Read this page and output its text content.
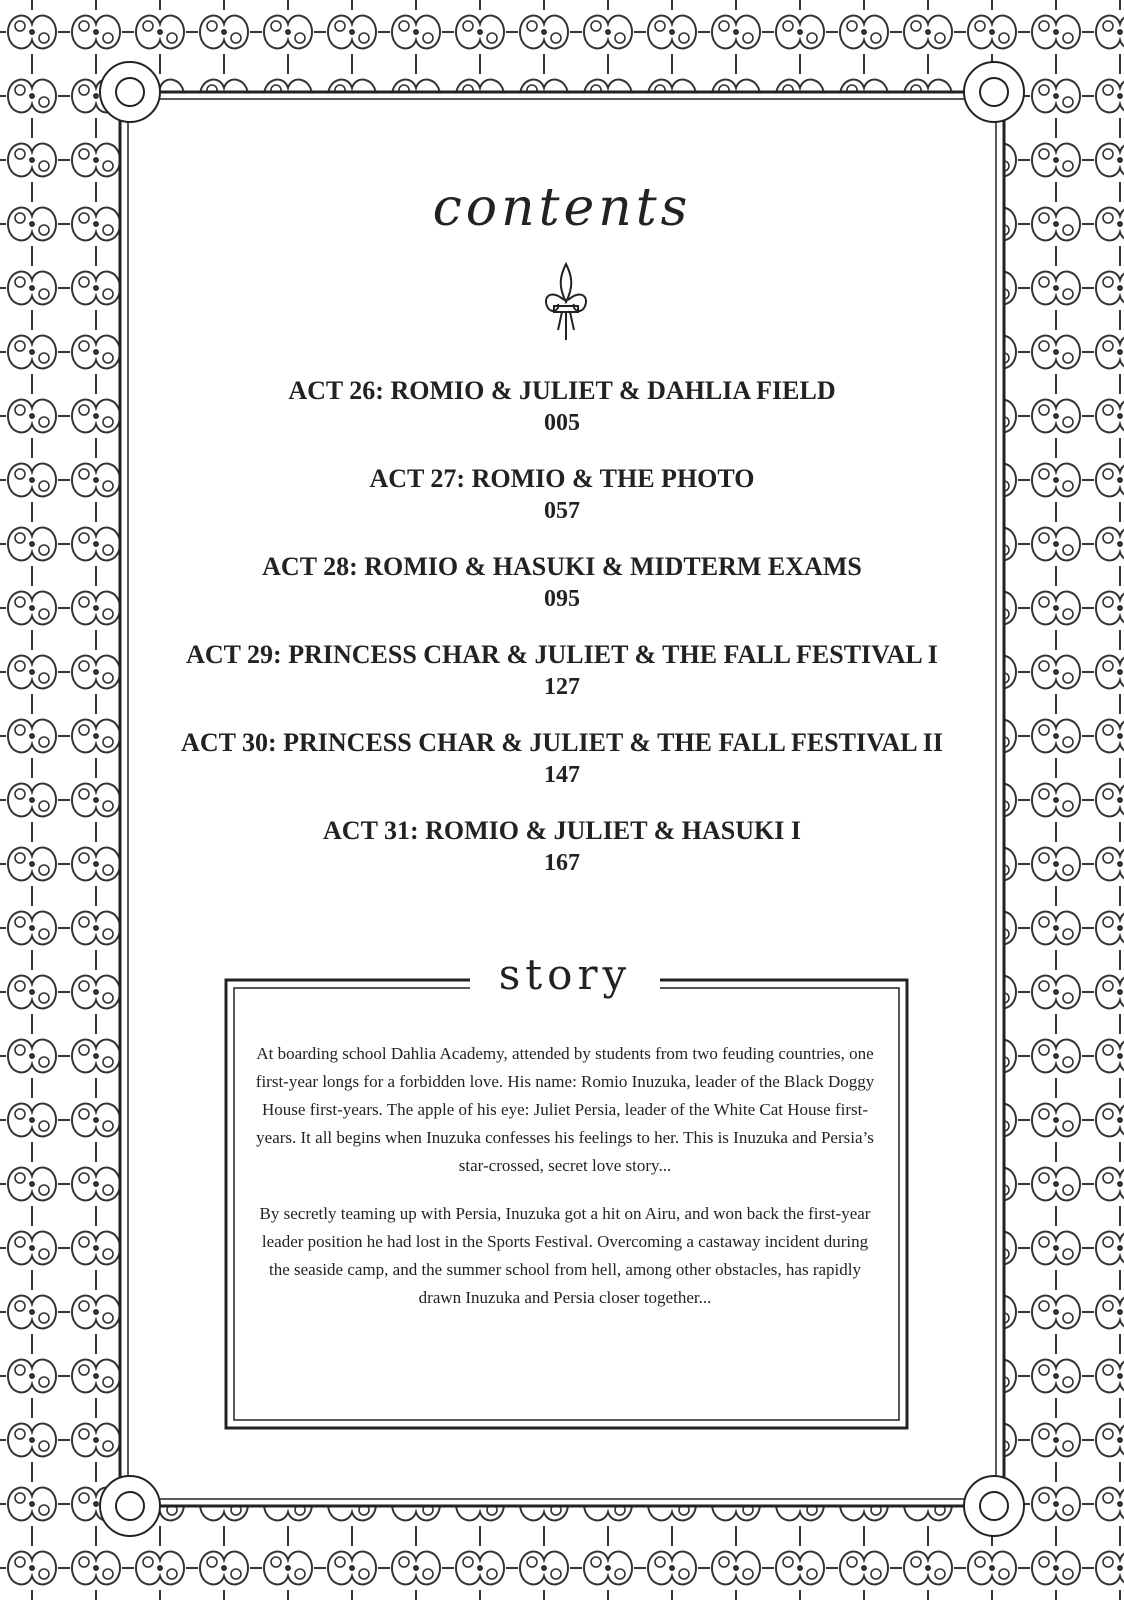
contents
ACT 26: ROMIO & JULIET & DAHLIA FIELD
005
ACT 27: ROMIO & THE PHOTO
057
ACT 28: ROMIO & HASUKI & MIDTERM EXAMS
095
ACT 29: PRINCESS CHAR & JULIET & THE FALL FESTIVAL I
127
ACT 30: PRINCESS CHAR & JULIET & THE FALL FESTIVAL II
147
ACT 31: ROMIO & JULIET & HASUKI I
167
story

At boarding school Dahlia Academy, attended by students from two feuding countries, one first-year longs for a forbidden love. His name: Romio Inuzuka, leader of the Black Doggy House first-years. The apple of his eye: Juliet Persia, leader of the White Cat House first-years. It all begins when Inuzuka confesses his feelings to her. This is Inuzuka and Persia’s star-crossed, secret love story...

By secretly teaming up with Persia, Inuzuka got a hit on Airu, and won back the first-year leader position he had lost in the Sports Festival. Overcoming a castaway incident during the seaside camp, and the summer school from hell, among other obstacles, has rapidly drawn Inuzuka and Persia closer together...
